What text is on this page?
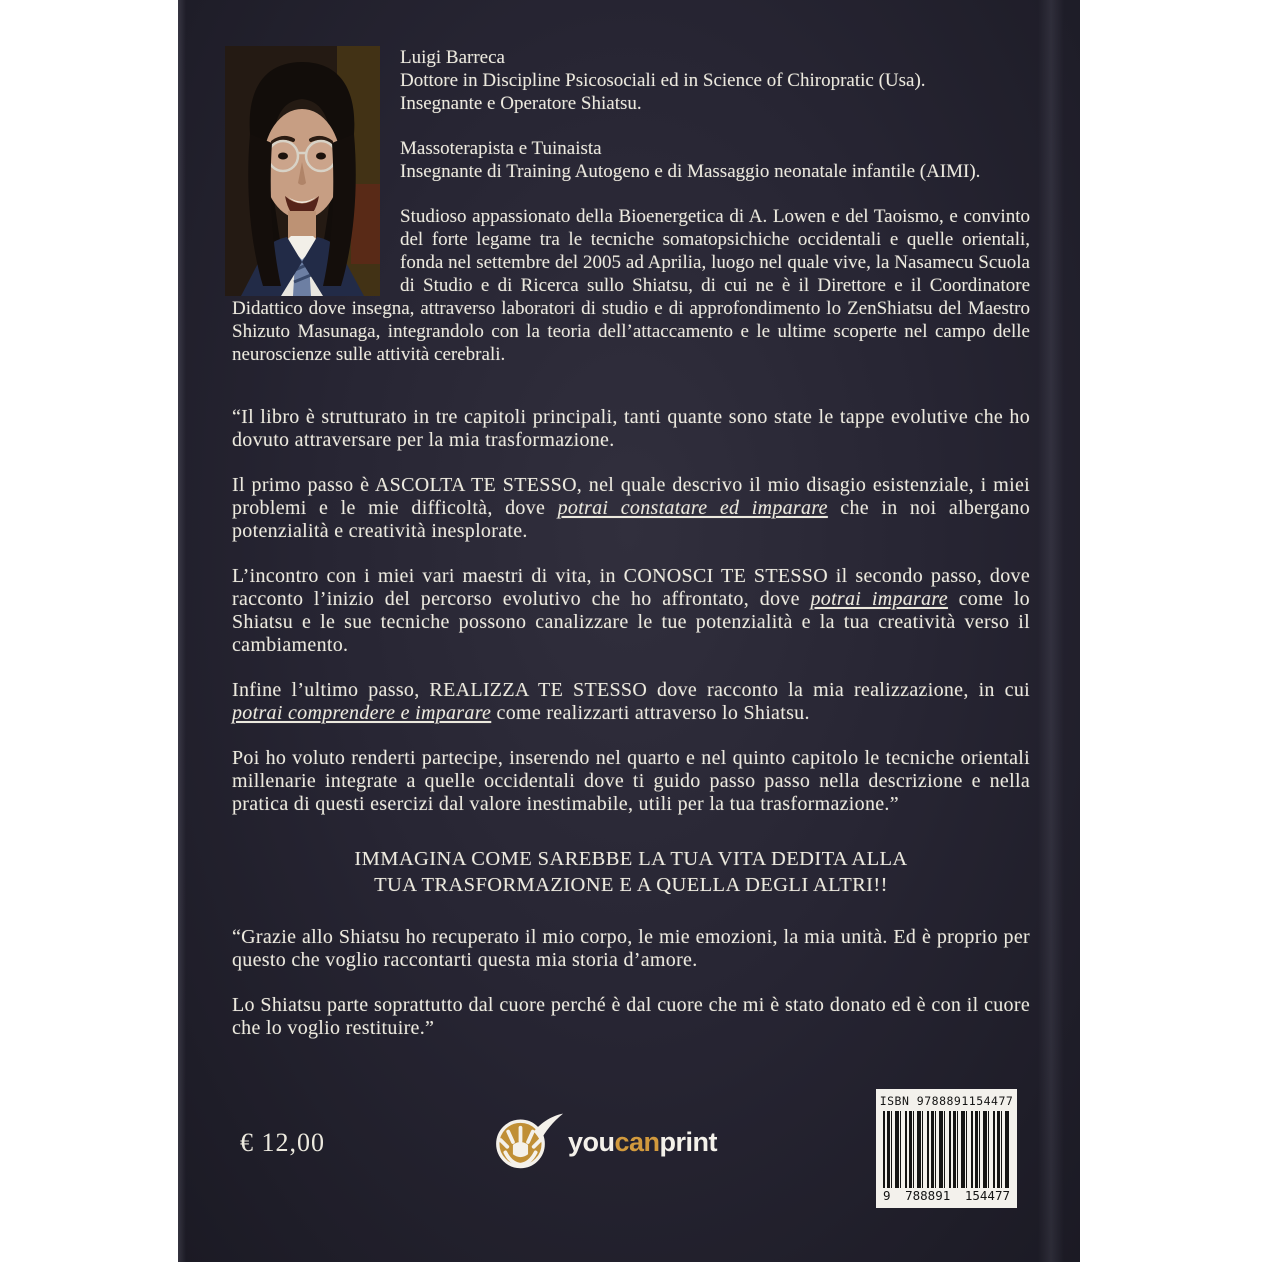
Luigi Barreca
Dottore in Discipline Psicosociali ed in Science of Chiropratic (Usa).
Insegnante e Operatore Shiatsu.
Massoterapista e Tuinaista
Insegnante di Training Autogeno e di Massaggio neonatale infantile (AIMI).
Studioso appassionato della Bioenergetica di A. Lowen e del Taoismo, e convinto del forte legame tra le tecniche somatopsichiche occidentali e quelle orientali, fonda nel settembre del 2005 ad Aprilia, luogo nel quale vive, la Nasamecu Scuola di Studio e di Ricerca sullo Shiatsu, di cui ne è il Direttore e il Coordinatore Didattico dove insegna, attraverso laboratori di studio e di approfondimento lo ZenShiatsu del Maestro Shizuto Masunaga, integrandolo con la teoria dell’attaccamento e le ultime scoperte nel campo delle neuroscienze sulle attività cerebrali.
“Il libro è strutturato in tre capitoli principali, tanti quante sono state le tappe evolutive che ho dovuto attraversare per la mia trasformazione.
Il primo passo è ASCOLTA TE STESSO, nel quale descrivo il mio disagio esistenziale, i miei problemi e le mie difficoltà, dove potrai constatare ed imparare che in noi albergano potenzialità e creatività inesplorate.
L’incontro con i miei vari maestri di vita, in CONOSCI TE STESSO il secondo passo, dove racconto l’inizio del percorso evolutivo che ho affrontato, dove potrai imparare come lo Shiatsu e le sue tecniche possono canalizzare le tue potenzialità e la tua creatività verso il cambiamento.
Infine l’ultimo passo, REALIZZA TE STESSO dove racconto la mia realizzazione, in cui potrai comprendere e imparare come realizzarti attraverso lo Shiatsu.
Poi ho voluto renderti partecipe, inserendo nel quarto e nel quinto capitolo le tecniche orientali millenarie integrate a quelle occidentali dove ti guido passo passo nella descrizione e nella pratica di questi esercizi dal valore inestimabile, utili per la tua trasformazione.”
IMMAGINA COME SAREBBE LA TUA VITA DEDITA ALLA
TUA TRASFORMAZIONE E A QUELLA DEGLI ALTRI!!
“Grazie allo Shiatsu ho recuperato il mio corpo, le mie emozioni, la mia unità. Ed è proprio per questo che voglio raccontarti questa mia storia d’amore.
Lo Shiatsu parte soprattutto dal cuore perché è dal cuore che mi è stato donato ed è con il cuore che lo voglio restituire.”
€ 12,00	youcanprint
ISBN 9788891154477
9 788891 154477
